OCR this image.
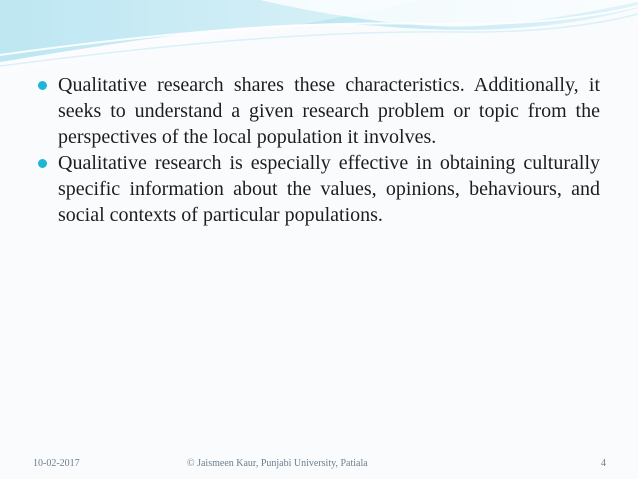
Qualitative research shares these characteristics. Additionally, it seeks to understand a given research problem or topic from the perspectives of the local population it involves.
Qualitative research is especially effective in obtaining culturally specific information about the values, opinions, behaviours, and social contexts of particular populations.
10-02-2017	© Jaismeen Kaur, Punjabi University, Patiala	4
